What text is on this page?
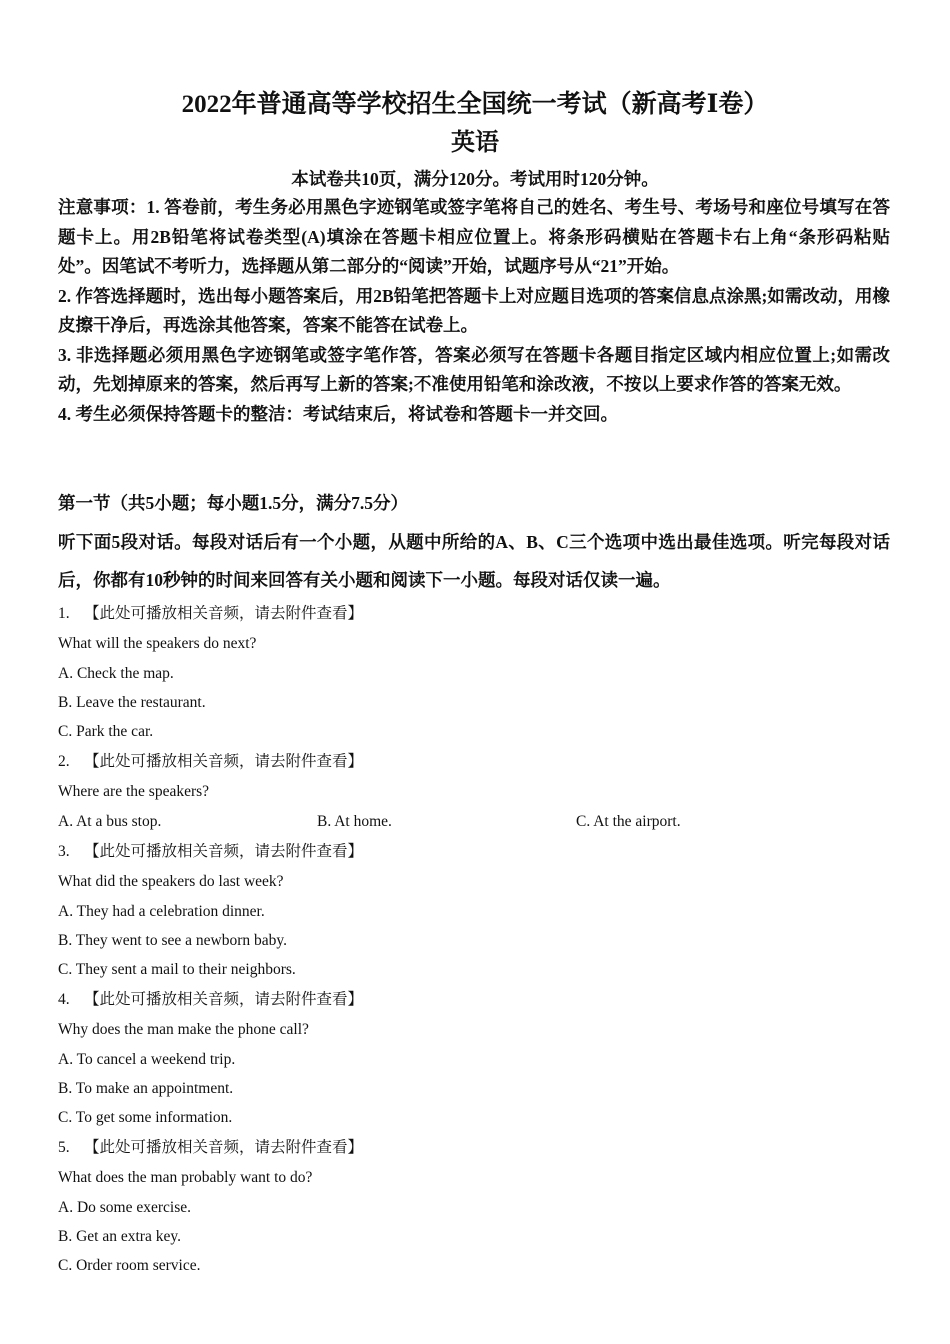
2022年普通高等学校招生全国统一考试（新高考Ⅰ卷）
英语
本试卷共10页，满分120分。考试用时120分钟。

注意事项：1. 答卷前，考生务必用黑色字迹钢笔或签字笔将自己的姓名、考生号、考场号和座位号填写在答题卡上。用2B铅笔将试卷类型(A)填涂在答题卡相应位置上。将条形码横贴在答题卡右上角“条形码粘贴处”。因笔试不考听力，选择题从第二部分的“阅读”开始，试题序号从“21”开始。

2. 作答选择题时，选出每小题答案后，用2B铅笔把答题卡上对应题目选项的答案信息点涂黑;如需改动，用橡皮擦干净后，再选涂其他答案，答案不能答在试卷上。

3. 非选择题必须用黑色字迹钢笔或签字笔作答，答案必须写在答题卡各题目指定区域内相应位置上;如需改动，先划掉原来的答案，然后再写上新的答案;不准使用铅笔和涂改液，不按以上要求作答的答案无效。

4. 考生必须保持答题卡的整洁：考试结束后，将试卷和答题卡一并交回。

第一节（共5小题；每小题1.5分，满分7.5分）
听下面5段对话。每段对话后有一个小题，从题中所给的A、B、C三个选项中选出最佳选项。听完每段对话后，你都有10秒钟的时间来回答有关小题和阅读下一小题。每段对话仅读一遍。
1. 【此处可播放相关音频，请去附件查看】
What will the speakers do next?
A. Check the map.
B. Leave the restaurant.
C. Park the car.
2. 【此处可播放相关音频，请去附件查看】
Where are the speakers?
A. At a bus stop.	B. At home.	C. At the airport.
3. 【此处可播放相关音频，请去附件查看】
What did the speakers do last week?
A. They had a celebration dinner.
B. They went to see a newborn baby.
C. They sent a mail to their neighbors.
4. 【此处可播放相关音频，请去附件查看】
Why does the man make the phone call?
A. To cancel a weekend trip.
B. To make an appointment.
C. To get some information.
5. 【此处可播放相关音频，请去附件查看】
What does the man probably want to do?
A. Do some exercise.
B. Get an extra key.
C. Order room service.
